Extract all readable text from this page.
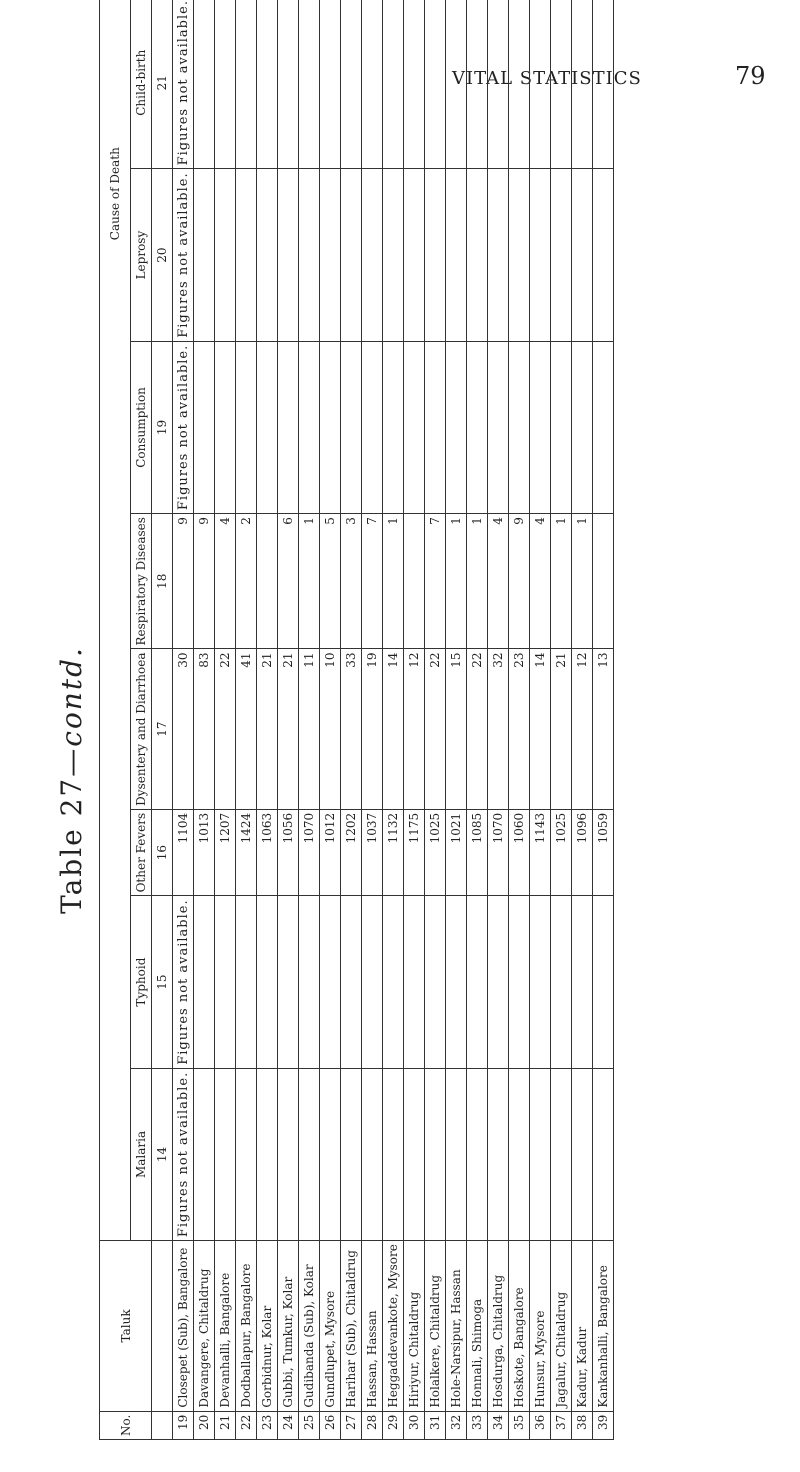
VITAL STATISTICS	79
Table 27—contd.
No.	Taluk	Cause of Death	
		Malaria	Typhoid	Other Fevers	Dysentery and Diarrhoea	Respiratory Diseases	Consumption	Leprosy	Child-birth									
		14	15	16	17	18	19	20	21									
19	Closepet (Sub), Bangalore	Figures not available.	Figures not available.	1104	30	9	Figures not available.	Figures not available.	Figures not available.										
20	Davangere, Chitaldrug			1013	83	9													
21	Devanhalli, Bangalore			1207	22	4													
22	Dodballapur, Bangalore			1424	41	2													
23	Gorbidnur, Kolar			1063	21														
24	Gubbi, Tumkur, Kolar			1056	21	6													
25	Gudibanda (Sub), Kolar			1070	11	1													
26	Gundlupet, Mysore			1012	10	5													
27	Harihar (Sub), Chitaldrug			1202	33	3													
28	Hassan, Hassan			1037	19	7													
29	Heggaddevankote, Mysore			1132	14	1													
30	Hiriyur, Chitaldrug			1175	12														
31	Holalkere, Chitaldrug			1025	22	7													
32	Hole-Narsipur, Hassan			1021	15	1													
33	Honnali, Shimoga			1085	22	1													
34	Hosdurga, Chitaldrug			1070	32	4													
35	Hoskote, Bangalore			1060	23	9													
36	Hunsur, Mysore			1143	14	4													
37	Jagalur, Chitaldrug			1025	21	1													
38	Kadur, Kadur			1096	12	1													
39	Kankanhalli, Bangalore			1059	13														
